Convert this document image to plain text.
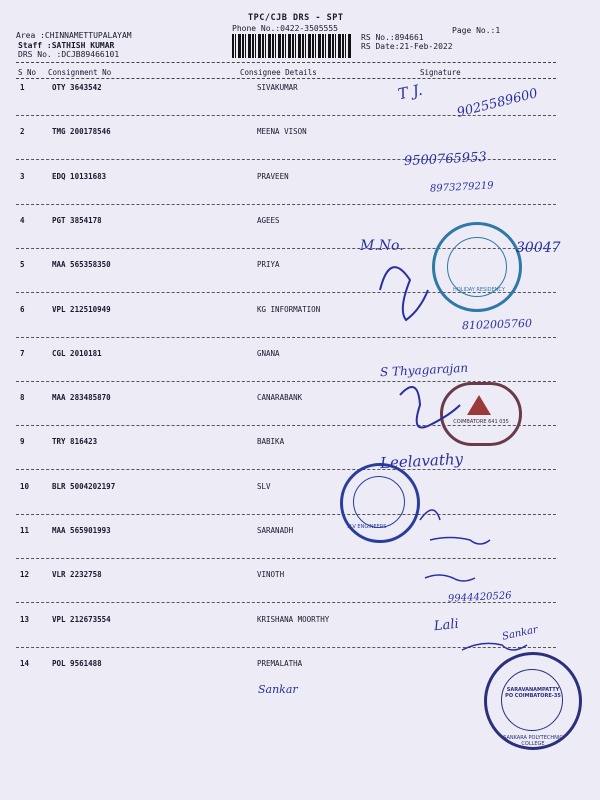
TPC/CJB DRS - SPT
Phone No.:0422-3505555	Page No.:1
RS No.:894661
RS Date:21-Feb-2022
Area :CHINNAMETTUPALAYAM
Staff :SATHISH KUMAR
DRS No. :DCJB89466101
S No Consignment No	Consignee Details	Signature
1	OTY 3643542	SIVAKUMAR
2	TMG 200178546	MEENA VISON
3	EDQ 10131683	PRAVEEN
4	PGT 3854178	AGEES
5	MAA 565358350	PRIYA
6	VPL 212510949	KG INFORMATION
7	CGL 2010181	GNANA
8	MAA 283485870	CANARABANK
9	TRY 816423	BABIKA
10	BLR 5004202197	SLV
11	MAA 565901993	SARANADH
12	VLR 2232758	VINOTH
13	VPL 212673554	KRISHANA MOORTHY
14	POL 9561488	PREMALATHA
HOLIDAY RESIDENCY
COIMBATORE 641 035
SLV ENGINEERS
SARAVANAMPATTY PO COIMBATORE-35
SANKARA POLYTECHNIC COLLEGE
T J. 9025589600
9500765953
8973279219
M.No.	30047
8102005760
S Thyagarajan
Leelavathy
9944420526
Lali	Sankar
Sankar
